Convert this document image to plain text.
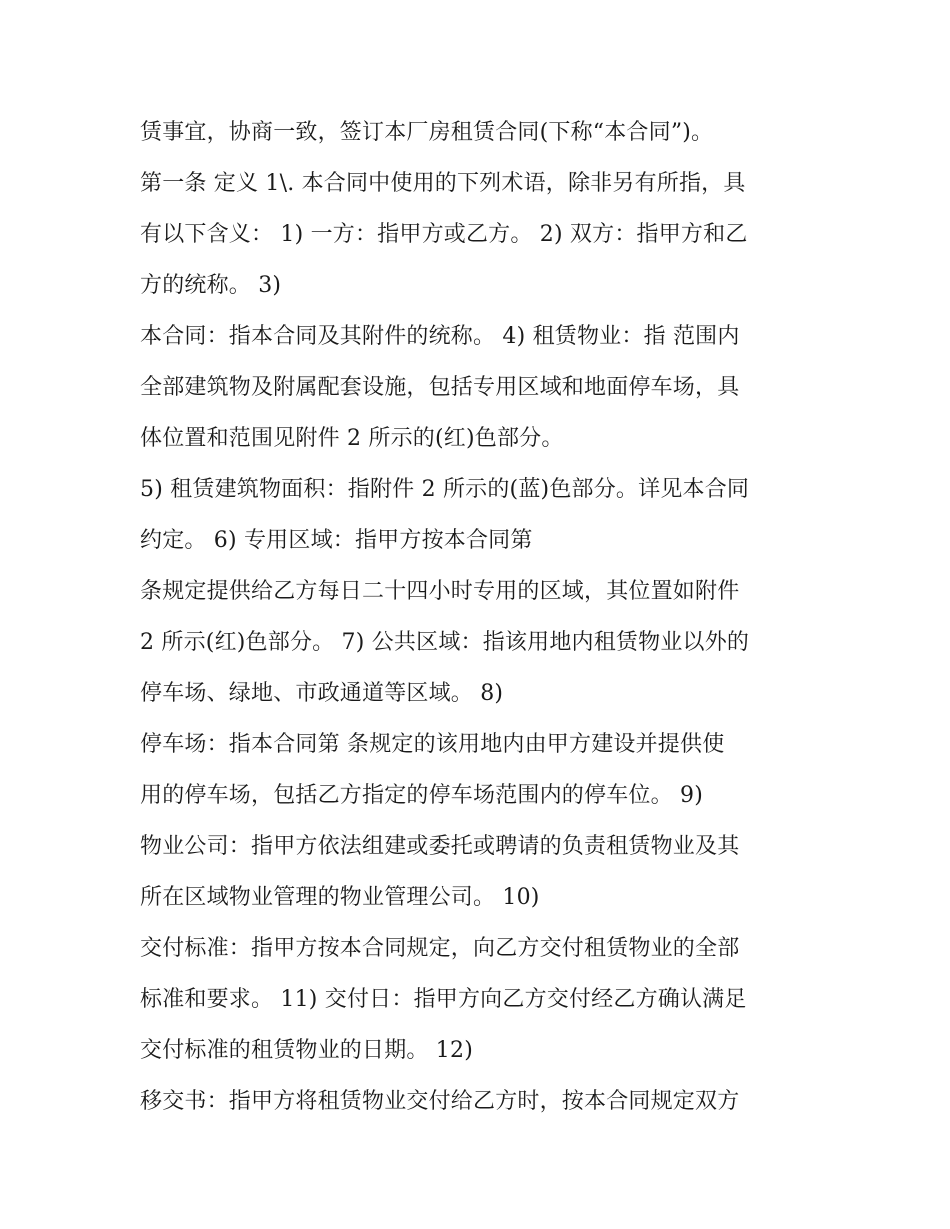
赁事宜，协商一致，签订本厂房租赁合同(下称“本合同”)。
第一条 定义 1\. 本合同中使用的下列术语，除非另有所指，具
有以下含义： 1) 一方：指甲方或乙方。 2) 双方：指甲方和乙
方的统称。 3)
本合同：指本合同及其附件的统称。 4) 租赁物业：指 范围内
全部建筑物及附属配套设施，包括专用区域和地面停车场，具
体位置和范围见附件 2 所示的(红)色部分。
5) 租赁建筑物面积：指附件 2 所示的(蓝)色部分。详见本合同
约定。 6) 专用区域：指甲方按本合同第
条规定提供给乙方每日二十四小时专用的区域，其位置如附件
2 所示(红)色部分。 7) 公共区域：指该用地内租赁物业以外的
停车场、绿地、市政通道等区域。 8)
停车场：指本合同第 条规定的该用地内由甲方建设并提供使
用的停车场，包括乙方指定的停车场范围内的停车位。 9)
物业公司：指甲方依法组建或委托或聘请的负责租赁物业及其
所在区域物业管理的物业管理公司。 10)
交付标准：指甲方按本合同规定，向乙方交付租赁物业的全部
标准和要求。 11) 交付日：指甲方向乙方交付经乙方确认满足
交付标准的租赁物业的日期。 12)
移交书：指甲方将租赁物业交付给乙方时，按本合同规定双方
